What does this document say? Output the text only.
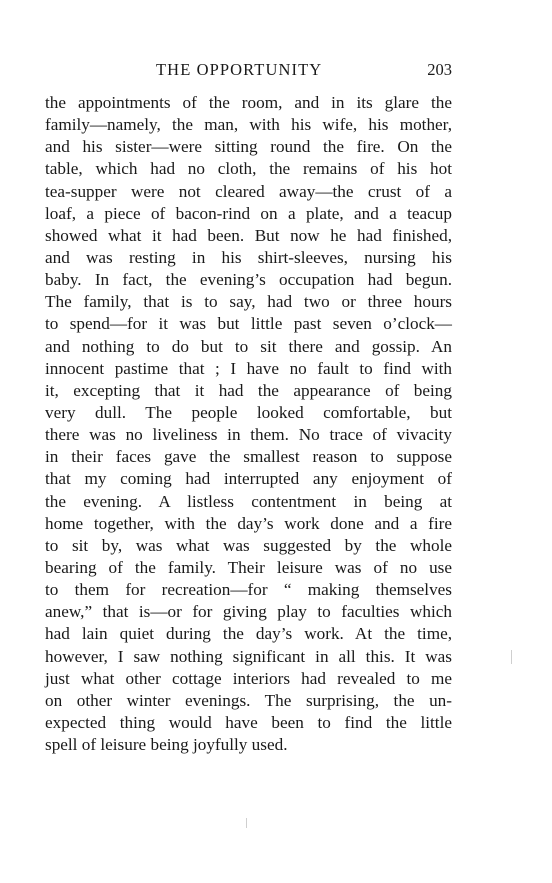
THE OPPORTUNITY	203
the appointments of the room, and in its glare the
family—namely, the man, with his wife, his mother,
and his sister—were sitting round the fire. On the
table, which had no cloth, the remains of his hot
tea-supper were not cleared away—the crust of a
loaf, a piece of bacon-rind on a plate, and a teacup
showed what it had been. But now he had finished,
and was resting in his shirt-sleeves, nursing his
baby. In fact, the evening’s occupation had begun.
The family, that is to say, had two or three hours
to spend—for it was but little past seven o’clock—
and nothing to do but to sit there and gossip. An
innocent pastime that ; I have no fault to find with
it, excepting that it had the appearance of being
very dull. The people looked comfortable, but
there was no liveliness in them. No trace of vivacity
in their faces gave the smallest reason to suppose
that my coming had interrupted any enjoyment of
the evening. A listless contentment in being at
home together, with the day’s work done and a fire
to sit by, was what was suggested by the whole
bearing of the family. Their leisure was of no use
to them for recreation—for “ making themselves
anew,” that is—or for giving play to faculties which
had lain quiet during the day’s work. At the time,
however, I saw nothing significant in all this. It was
just what other cottage interiors had revealed to me
on other winter evenings. The surprising, the un-
expected thing would have been to find the little
spell of leisure being joyfully used.
